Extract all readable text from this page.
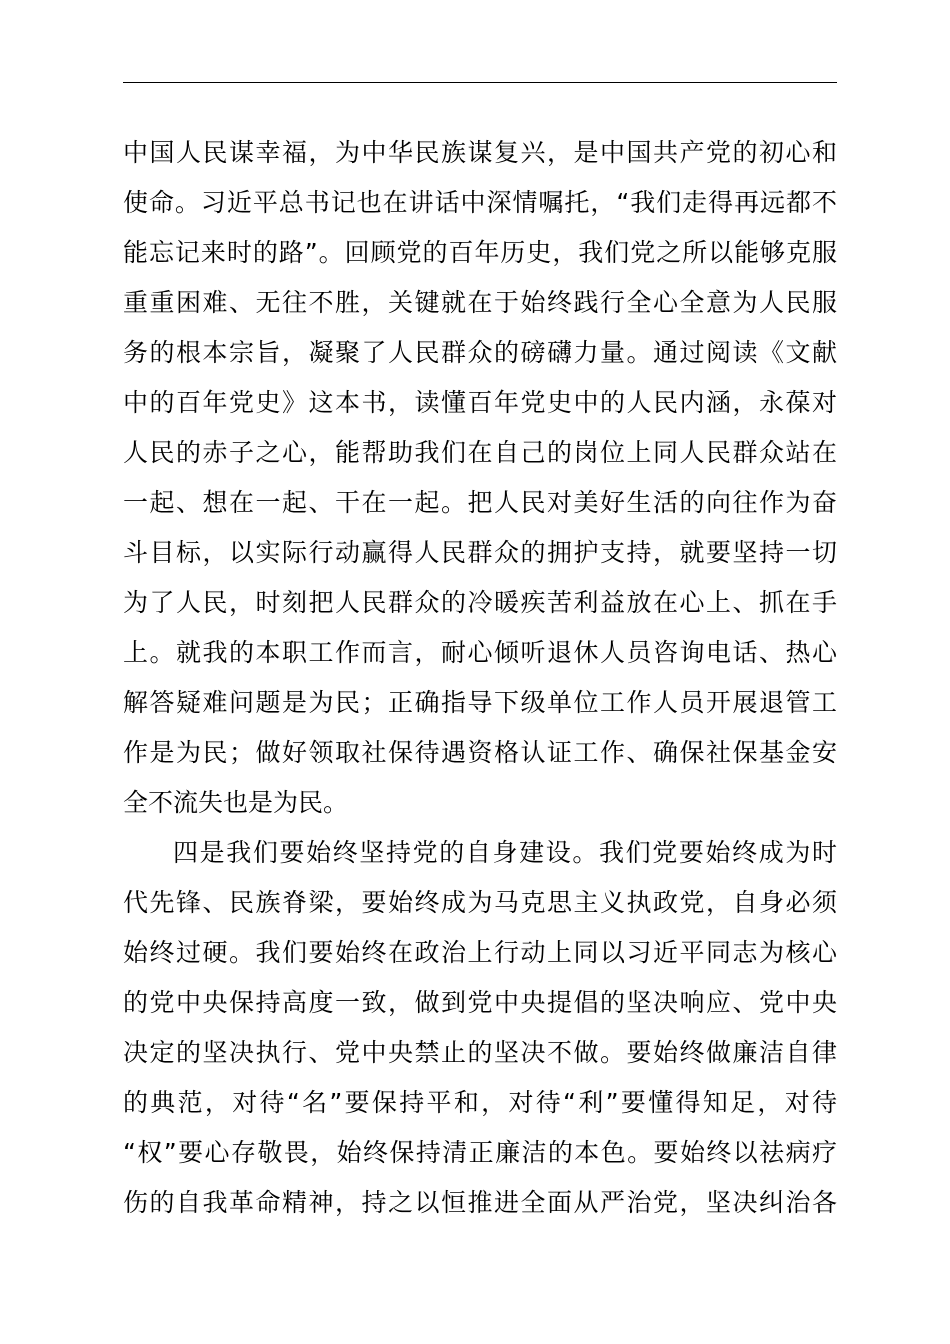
中国人民谋幸福，为中华民族谋复兴，是中国共产党的初心和
使命。习近平总书记也在讲话中深情嘱托，“我们走得再远都不
能忘记来时的路”。回顾党的百年历史，我们党之所以能够克服
重重困难、无往不胜，关键就在于始终践行全心全意为人民服
务的根本宗旨，凝聚了人民群众的磅礴力量。通过阅读《文献
中的百年党史》这本书，读懂百年党史中的人民内涵，永葆对
人民的赤子之心，能帮助我们在自己的岗位上同人民群众站在
一起、想在一起、干在一起。把人民对美好生活的向往作为奋
斗目标，以实际行动赢得人民群众的拥护支持，就要坚持一切
为了人民，时刻把人民群众的冷暖疾苦利益放在心上、抓在手
上。就我的本职工作而言，耐心倾听退休人员咨询电话、热心
解答疑难问题是为民；正确指导下级单位工作人员开展退管工
作是为民；做好领取社保待遇资格认证工作、确保社保基金安
全不流失也是为民。
四是我们要始终坚持党的自身建设。我们党要始终成为时
代先锋、民族脊梁，要始终成为马克思主义执政党，自身必须
始终过硬。我们要始终在政治上行动上同以习近平同志为核心
的党中央保持高度一致，做到党中央提倡的坚决响应、党中央
决定的坚决执行、党中央禁止的坚决不做。要始终做廉洁自律
的典范，对待“名”要保持平和，对待“利”要懂得知足，对待
“权”要心存敬畏，始终保持清正廉洁的本色。要始终以祛病疗
伤的自我革命精神，持之以恒推进全面从严治党，坚决纠治各
